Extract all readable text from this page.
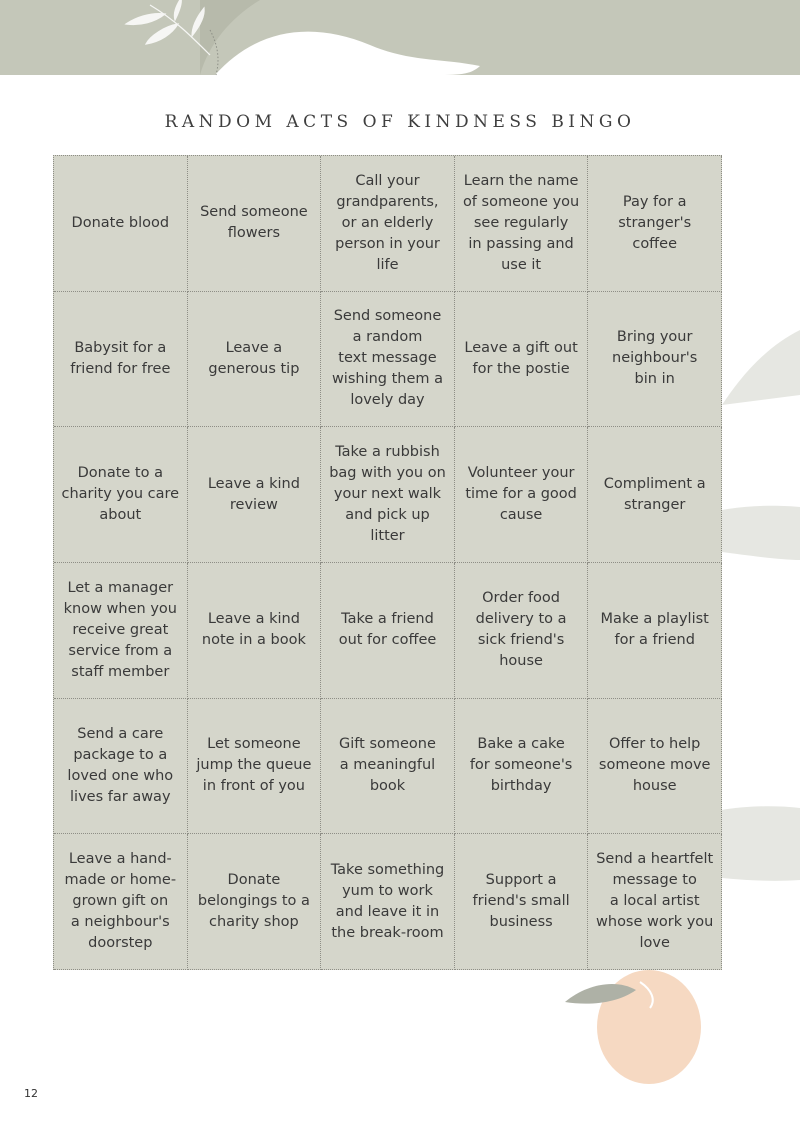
RANDOM ACTS OF KINDNESS BINGO
Donate blood
Send someone
flowers
Call your
grandparents,
or an elderly
person in your
life
Learn the name
of someone you
see regularly
in passing and
use it
Pay for a
stranger's coffee
Babysit for a
friend for free
Leave a
generous tip
Send someone
a random
text message
wishing them a
lovely day
Leave a gift out
for the postie
Bring your
neighbour's
bin in
Donate to a
charity you care
about
Leave a kind
review
Take a rubbish
bag with you on
your next walk
and pick up
litter
Volunteer your
time for a good
cause
Compliment a
stranger
Let a manager
know when you
receive great
service from a
staff member
Leave a kind
note in a book
Take a friend
out for coffee
Order food
delivery to a
sick friend's
house
Make a playlist
for a friend
Send a care
package to a
loved one who
lives far away
Let someone
jump the queue
in front of you
Gift someone
a meaningful
book
Bake a cake
for someone's
birthday
Offer to help
someone move
house
Leave a hand-
made or home-
grown gift on
a neighbour's
doorstep
Donate
belongings to a
charity shop
Take something
yum to work
and leave it in
the break-room
Support a
friend's small
business
Send a heartfelt
message to
a local artist
whose work you
love
12
